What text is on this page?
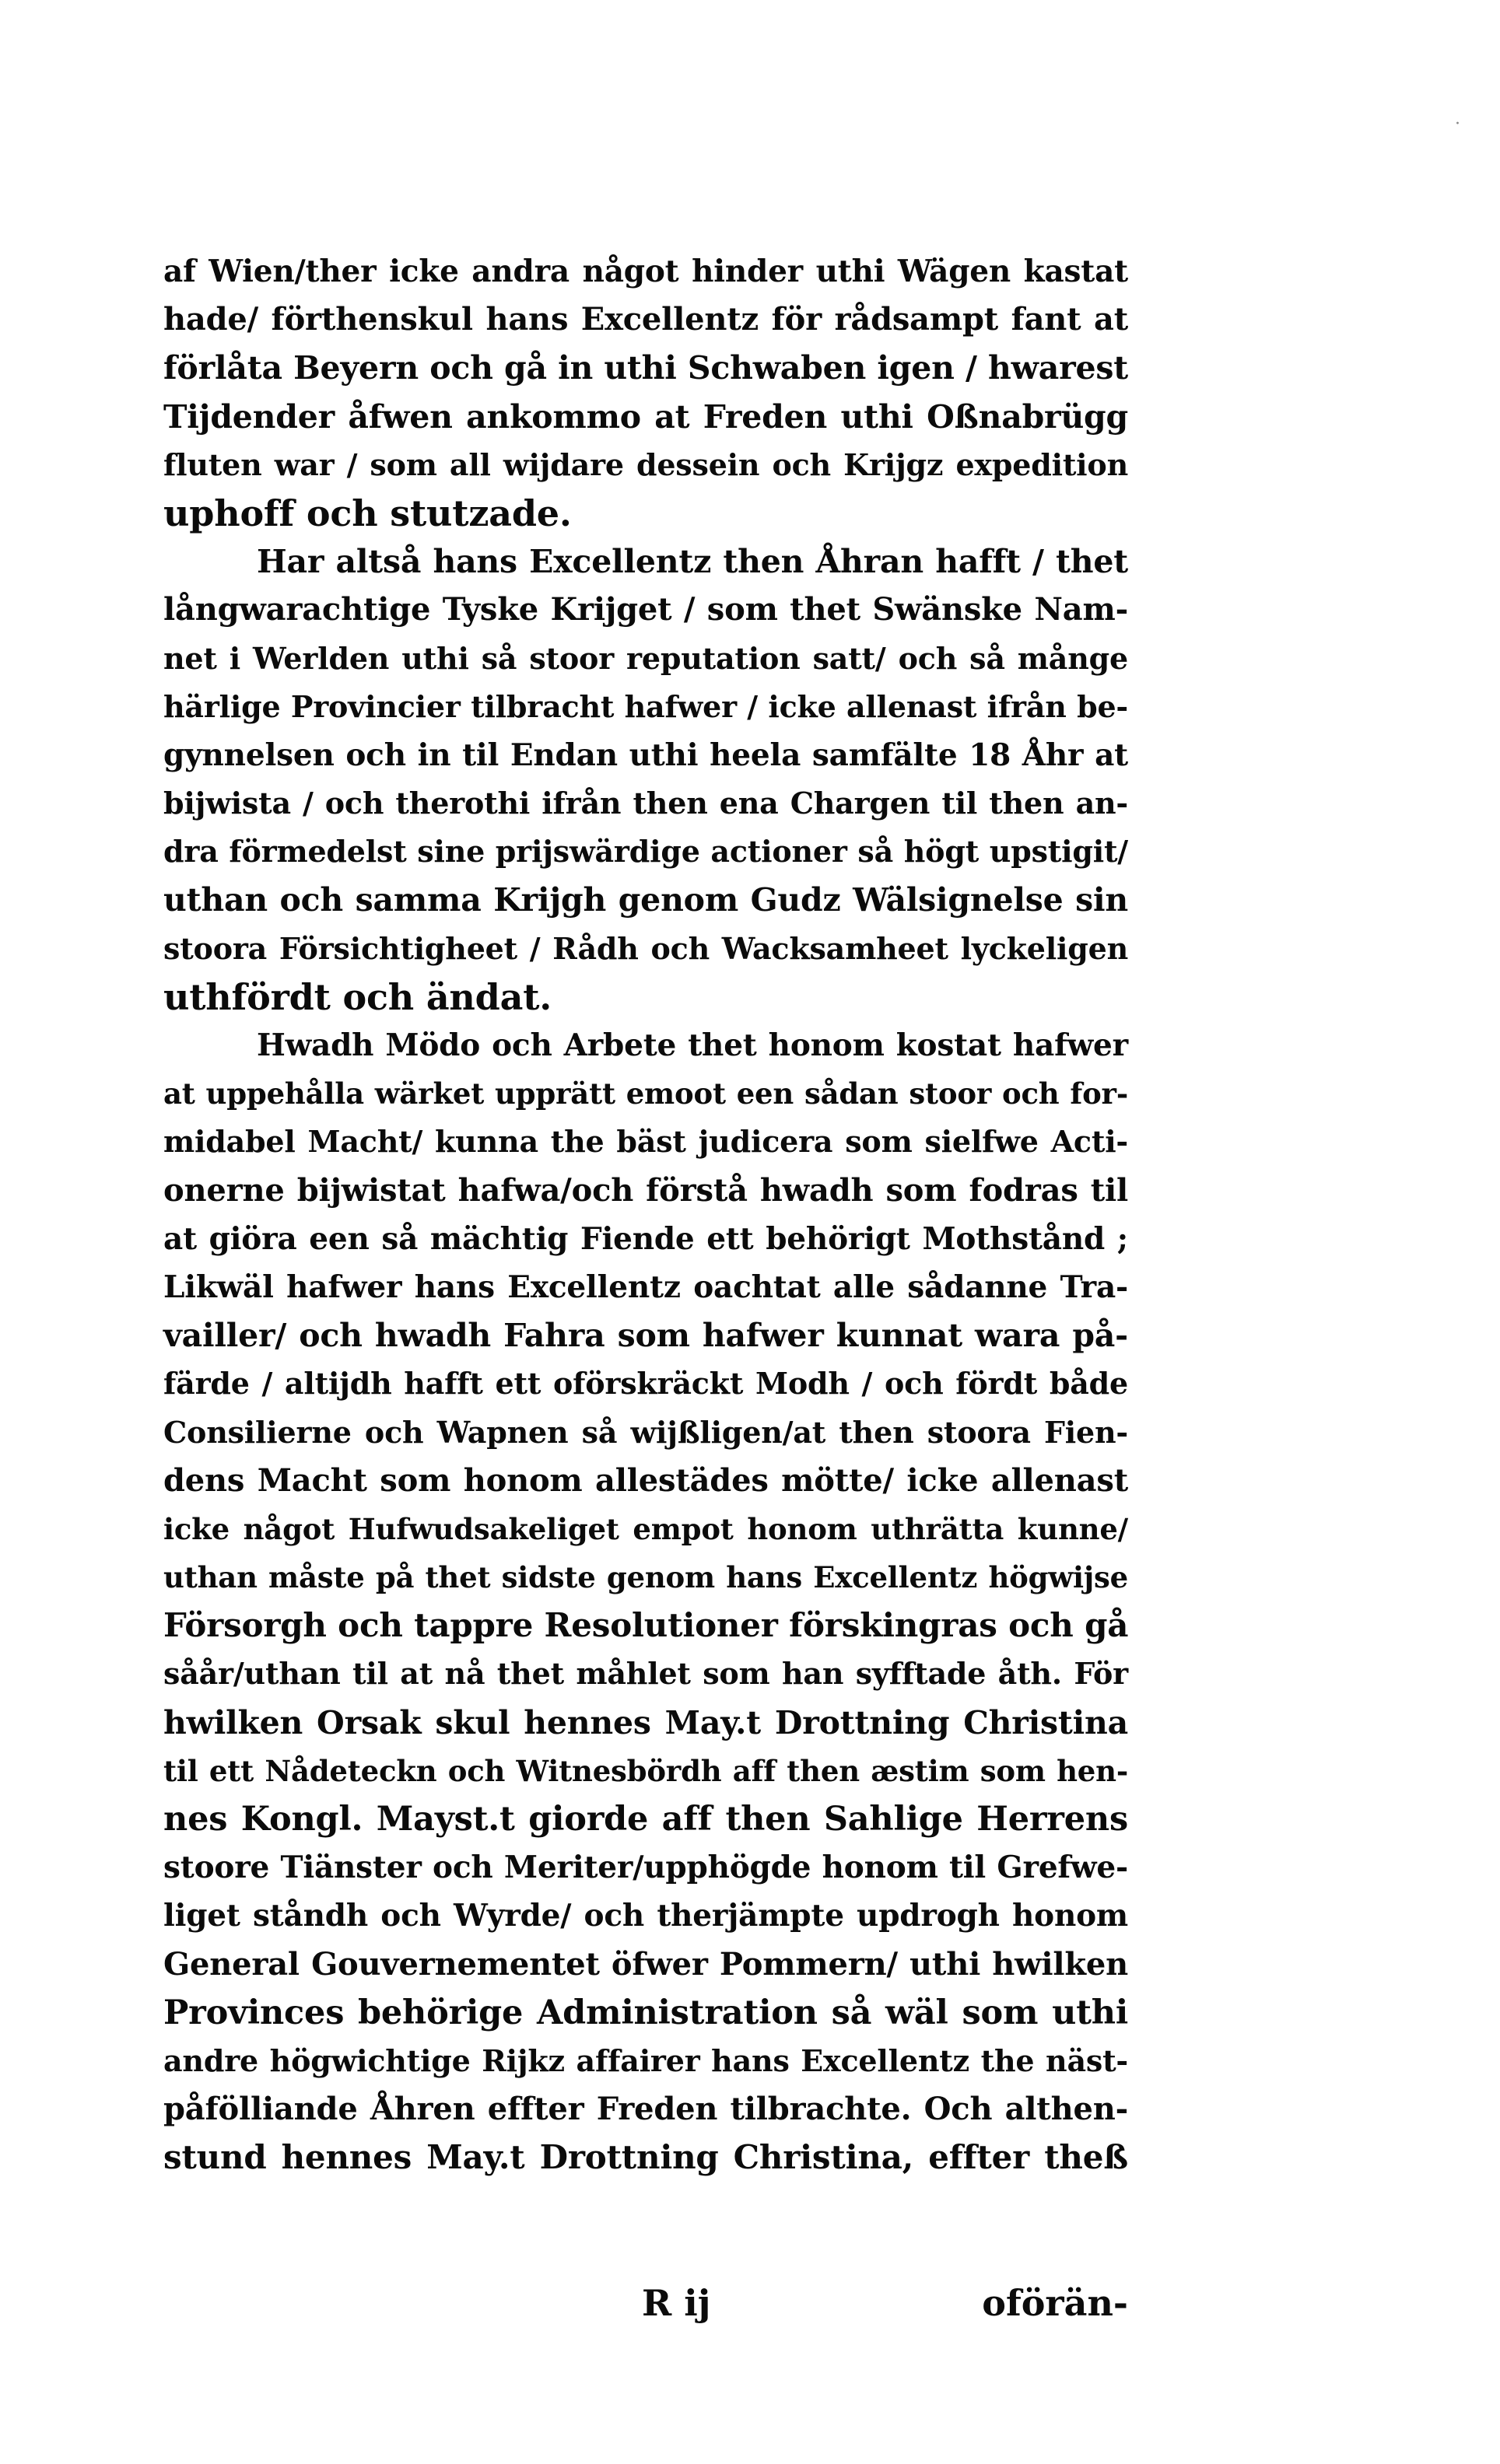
·
af Wien/ther icke andra något hinder uthi Wägen kastat
hade/ förthenskul hans Excellentz för rådsampt fant at
förlåta Beyern och gå in uthi Schwaben igen / hwarest
Tijdender åfwen ankommo at Freden uthi Oßnabrügg
fluten war / som all wijdare dessein och Krijgz expedition
uphoff och stutzade.
Har altså hans Excellentz then Åhran hafft / thet
långwarachtige Tyske Krijget / som thet Swänske Nam-
net i Werlden uthi så stoor reputation satt/ och så månge
härlige Provincier tilbracht hafwer / icke allenast ifrån be-
gynnelsen och in til Endan uthi heela samfälte 18 Åhr at
bijwista / och therothi ifrån then ena Chargen til then an-
dra förmedelst sine prijswärdige actioner så högt upstigit/
uthan och samma Krijgh genom Gudz Wälsignelse sin
stoora Försichtigheet / Rådh och Wacksamheet lyckeligen
uthfördt och ändat.
Hwadh Mödo och Arbete thet honom kostat hafwer
at uppehålla wärket upprätt emoot een sådan stoor och for-
midabel Macht/ kunna the bäst judicera som sielfwe Acti-
onerne bijwistat hafwa/och förstå hwadh som fodras til
at giöra een så mächtig Fiende ett behörigt Mothstånd ;
Likwäl hafwer hans Excellentz oachtat alle sådanne Tra-
vailler/ och hwadh Fahra som hafwer kunnat wara på-
färde / altijdh hafft ett oförskräckt Modh / och fördt både
Consilierne och Wapnen så wijßligen/at then stoora Fien-
dens Macht som honom allestädes mötte/ icke allenast
icke något Hufwudsakeliget empot honom uthrätta kunne/
uthan måste på thet sidste genom hans Excellentz högwijse
Försorgh och tappre Resolutioner förskingras och gå
såår/uthan til at nå thet måhlet som han syfftade åth. För
hwilken Orsak skul hennes May.t Drottning Christina
til ett Nådeteckn och Witnesbördh aff then æstim som hen-
nes Kongl. Mayst.t giorde aff then Sahlige Herrens
stoore Tiänster och Meriter/upphögde honom til Grefwe-
liget ståndh och Wyrde/ och therjämpte updrogh honom
General Gouvernementet öfwer Pommern/ uthi hwilken
Provinces behörige Administration så wäl som uthi
andre högwichtige Rijkz affairer hans Excellentz the näst-
påfölliande Åhren effter Freden tilbrachte. Och althen-
stund hennes May.t Drottning Christina, effter theß
R ij	oförän-
